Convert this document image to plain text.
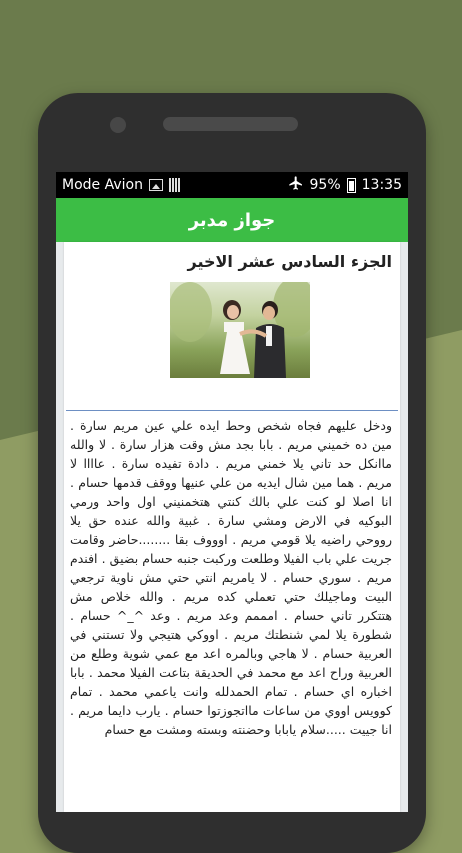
Mode Avion	95% 13:35
جواز مدبر
الجزء السادس عشر الاخير
ودخل عليهم فجاه شخص وحط ايده علي عين مريم سارة . مين ده خميني مريم . بابا بجد مش وقت هزار سارة . لا والله ماانكل حد تاني يلا خمني مريم . دادة تفيده سارة . عاااا لا مريم . هما مين شال ايديه من علي عنيها ووقف قدمها حسام . انا اصلا لو كنت علي بالك كنتي هتخمنيني اول واحد ورمي البوكيه في الارض ومشي سارة . غبية والله عنده حق يلا رووحي راضيه يلا قومي مريم . اوووف بقا ........حاضر وقامت جريت علي باب الفيلا وطلعت وركبت جنبه حسام بضيق . افندم مريم . سوري حسام . لا يامريم انتي حتي مش ناوية ترجعي البيت وماجيلك حتي تعملي كده مريم . والله خلاص مش هتتكرر تاني حسام . امممم وعد مريم . وعد ^_^ حسام . شطورة يلا لمي شنطتك مريم . اووكي هتيجي ولا تستني في العربية حسام . لا هاجي وبالمره اعد مع عمي شوية وطلع من العربية وراح اعد مع محمد في الحديقة بتاعت الفيلا محمد . بابا اخباره اي حسام . تمام الحمدلله وانت ياعمي محمد . تمام كوويس اووي من ساعات مااتجوزتوا حسام . يارب دايما مريم . انا جييت .....سلام يابابا وحضنته وبسته ومشت مع حسام
